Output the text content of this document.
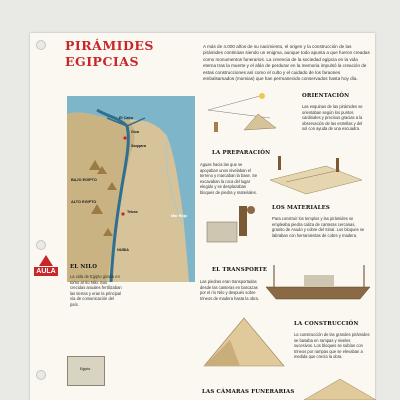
PIRÁMIDES EGIPCIAS

A más de 4.000 años de su nacimiento, el origen y la construcción de las pirámides continúan siendo un enigma, aunque todo apunta a que fueron creadas como monumentos funerarios. La creencia de la sociedad egipcia en la vida eterna tras la muerte y el afán de perdurar en la memoria impulsó la creación de estas construcciones así como el culto y el cuidado de los faraones embalsamados (momias) que han permanecido conservados hasta hoy día.

El Cairo
Giza
Saqqara
BAJO EGIPTO
ALTO EGIPTO
Tebas
Mar Rojo
NUBIA
AULA
EL NILO

La vida de Egipto giraba en torno al río Nilo. Sus crecidas anuales fertilizaban las tierras y eran la principal vía de comunicación del país.

Egipto
ORIENTACIÓN

Las esquinas de las pirámides se orientaban según los puntos cardinales y precisos gracias a la observación de las estrellas y del sol con ayuda de una escuadra.

LA PREPARACIÓN

Aguas hacia las que se apoyaban unos nivelaban el terreno y marcaban la base. Se excavaban la roca del lugar elegido y se desplazaban bloques de piedra y materiales.

LOS MATERIALES

Para construir los templos y las pirámides se empleaba piedra caliza de canteras cercanas, granito de Asuán y cobre del Sinaí. Los bloques se labraban con herramientas de cobre y madera.

EL TRANSPORTE

Las piedras eran transportadas desde las canteras en barcazas por el río Nilo y después sobre trineos de madera hasta la obra.

LA CONSTRUCCIÓN

La construcción de las grandes pirámides se basaba en rampas y niveles sucesivos. Los bloques se subían con trineos por rampas que se elevaban a medida que crecía la obra.

LAS CÁMARAS FUNERARIAS
